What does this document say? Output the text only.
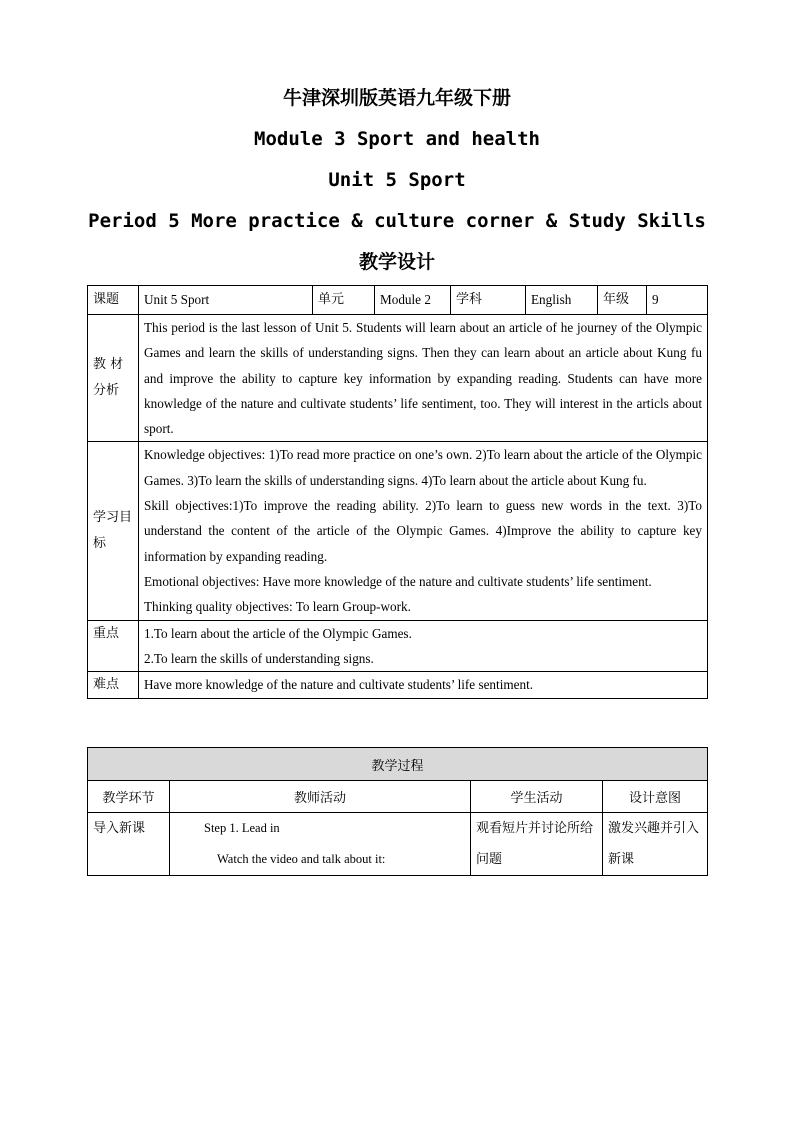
牛津深圳版英语九年级下册

Module 3 Sport and health

Unit 5 Sport

Period 5 More practice & culture corner & Study Skills

教学设计

课题	Unit 5 Sport	单元	Module 2	学科	English	年级	9
教 材 分析	This period is the last lesson of Unit 5. Students will learn about an article of he journey of the Olympic Games and learn the skills of understanding signs. Then they can learn about an article about Kung fu and improve the ability to capture key information by expanding reading. Students can have more knowledge of the nature and cultivate students’ life sentiment, too. They will interest in the articls about sport.						

学习目标	Knowledge objectives: 1)To read more practice on one’s own. 2)To learn about the article of the Olympic Games. 3)To learn the skills of understanding signs. 4)To learn about the article about Kung fu.

Skill objectives:1)To improve the reading ability. 2)To learn to guess new words in the text. 3)To understand the content of the article of the Olympic Games. 4)Improve the ability to capture key information by expanding reading.

Emotional objectives: Have more knowledge of the nature and cultivate students’ life sentiment.

Thinking quality objectives: To learn Group-work.						

重点	1.To learn about the article of the Olympic Games.

2.To learn the skills of understanding signs.						

难点	Have more knowledge of the nature and cultivate students’ life sentiment.						

教学过程			
教学环节	教师活动	学生活动	设计意图
导入新课	Step 1. Lead in
Watch the video and talk about it:	观看短片并讨论所给问题	激发兴趣并引入新课
